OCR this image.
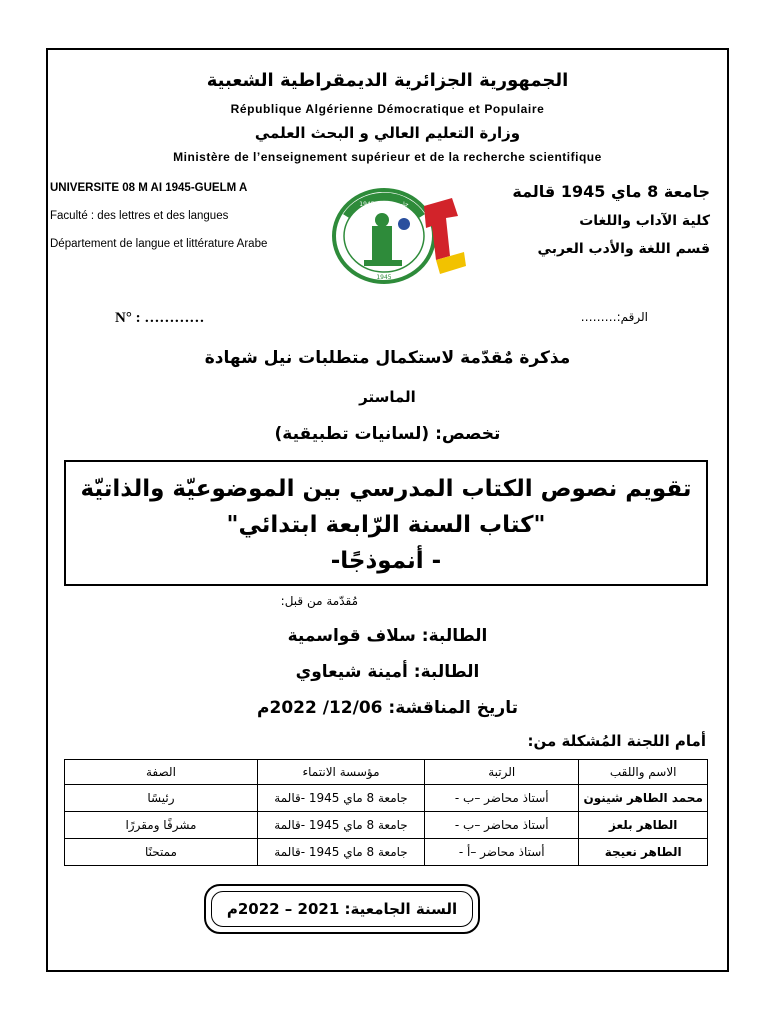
الجمهورية الجزائرية الديمقراطية الشعبية
République Algérienne Démocratique et Populaire
وزارة التعليم العالي و البحث العلمي
Ministère de l’enseignement supérieur et de la recherche scientifique
UNIVERSITE 08 M AI 1945-GUELM A
Faculté : des lettres et des langues
Département de langue et littérature Arabe
جامعة 8 ماي 1945 قالمة
كلية الآداب واللغات
قسم اللغة والأدب العربي
جامعة 8 ماي 1945
1945
N° : …………	الرقم:………
مذكرة مٌقدّمة لاستكمال متطلبات نيل شهادة
الماستر
تخصص: (لسانيات تطبيقية)
تقويم نصوص الكتاب المدرسي بين الموضوعيّة والذاتيّة
"كتاب السنة الرّابعة ابتدائي"
- أنموذجًا-
مُقدّمة من قبل:
الطالبة: سلاف قواسمية
الطالبة: أمينة شيعاوي
تاريخ المناقشة: 12/06/ 2022م
أمام اللجنة المُشكلة من:
الاسم واللقب	الرتبة	مؤسسة الانتماء	الصفة
محمد الطاهر شينون	أستاذ محاضر –ب -	جامعة 8 ماي 1945 -قالمة	رئيسًا
الطاهر بلعز	أستاذ محاضر –ب -	جامعة 8 ماي 1945 -قالمة	مشرفًا ومقررًا
الطاهر نعيجة	أستاذ محاضر –أ -	جامعة 8 ماي 1945 -قالمة	ممتحنًا
السنة الجامعية: 2021 – 2022م
